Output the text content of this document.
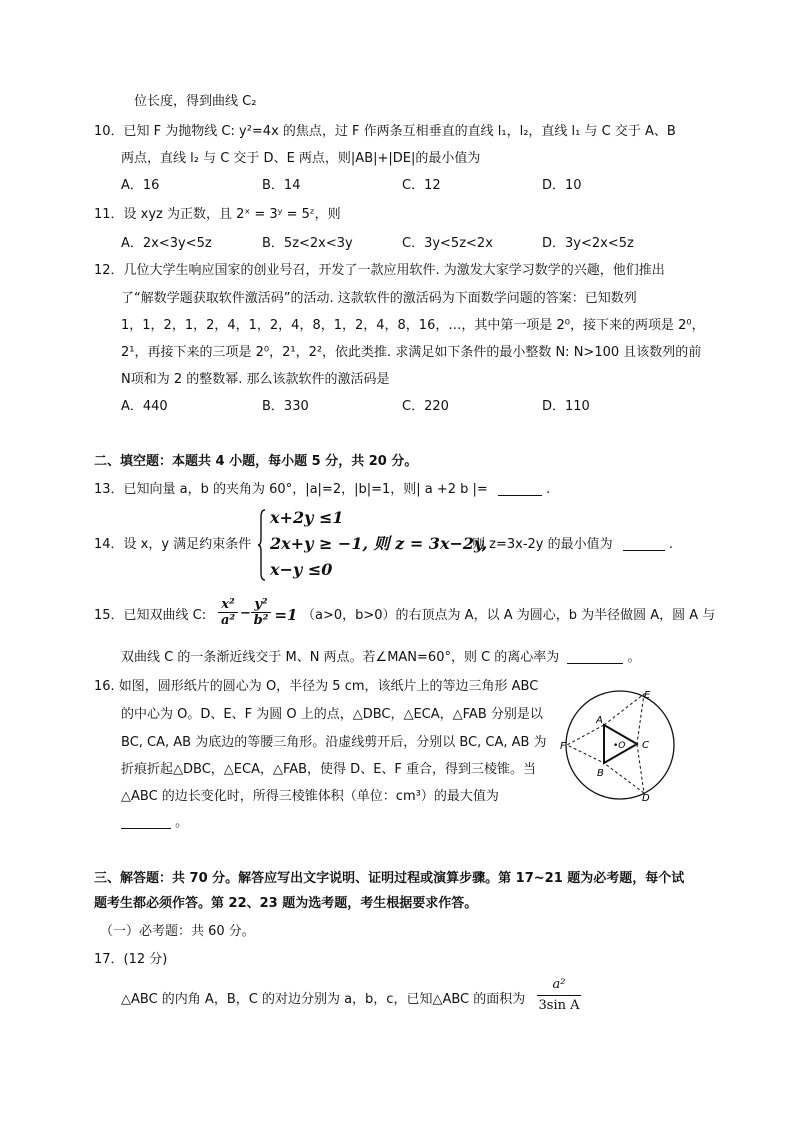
位长度，得到曲线 C₂
10．已知 F 为抛物线 C: y²=4x 的焦点，过 F 作两条互相垂直的直线 l₁，l₂，直线 l₁ 与 C 交于 A、B
两点，直线 l₂ 与 C 交于 D、E 两点，则|AB|+|DE|的最小值为
A．16	B．14	C．12	D．10
11．设 xyz 为正数，且 2ˣ = 3ʸ = 5ᶻ，则
A．2x<3y<5z	B．5z<2x<3y	C．3y<5z<2x	D．3y<2x<5z
12．几位大学生响应国家的创业号召，开发了一款应用软件. 为激发大家学习数学的兴趣，他们推出
了“解数学题获取软件激活码”的活动. 这款软件的激活码为下面数学问题的答案：已知数列
1，1，2，1，2，4，1，2，4，8，1，2，4，8，16，…，其中第一项是 2⁰，接下来的两项是 2⁰，
2¹，再接下来的三项是 2⁰，2¹，2²，依此类推. 求满足如下条件的最小整数 N: N>100 且该数列的前
N项和为 2 的整数幂. 那么该款软件的激活码是
A．440	B．330	C．220	D．110
二、填空题：本题共 4 小题，每小题 5 分，共 20 分。
13．已知向量 a，b 的夹角为 60°，|a|=2，|b|=1，则| a +2 b |=	.
14．设 x，y 满足约束条件
x+2y ≤1
2x+y ≥ −1, 则 z = 3x−2y,
x−y ≤0
则 z=3x-2y 的最小值为	.
15．已知双曲线 C:
x²
a² −
y²
b² =1 （a>0，b>0）的右顶点为 A，以 A 为圆心，b 为半径做圆 A，圆 A 与
双曲线 C 的一条渐近线交于 M、N 两点。若∠MAN=60°，则 C 的离心率为	。
16. 如图，圆形纸片的圆心为 O，半径为 5 cm，该纸片上的等边三角形 ABC
的中心为 O。D、E、F 为圆 O 上的点，△DBC，△ECA，△FAB 分别是以
BC, CA, AB 为底边的等腰三角形。沿虚线剪开后，分别以 BC, CA, AB 为
折痕折起△DBC，△ECA，△FAB，使得 D、E、F 重合，得到三棱锥。当
△ABC 的边长变化时，所得三棱锥体积（单位：cm³）的最大值为
。
A
B
C
D
E
F	•O
三、解答题：共 70 分。解答应写出文字说明、证明过程或演算步骤。第 17~21 题为必考题，每个试
题考生都必须作答。第 22、23 题为选考题，考生根据要求作答。
（一）必考题：共 60 分。
17．(12 分)
△ABC 的内角 A，B，C 的对边分别为 a，b，c，已知△ABC 的面积为
a²
3sin A
